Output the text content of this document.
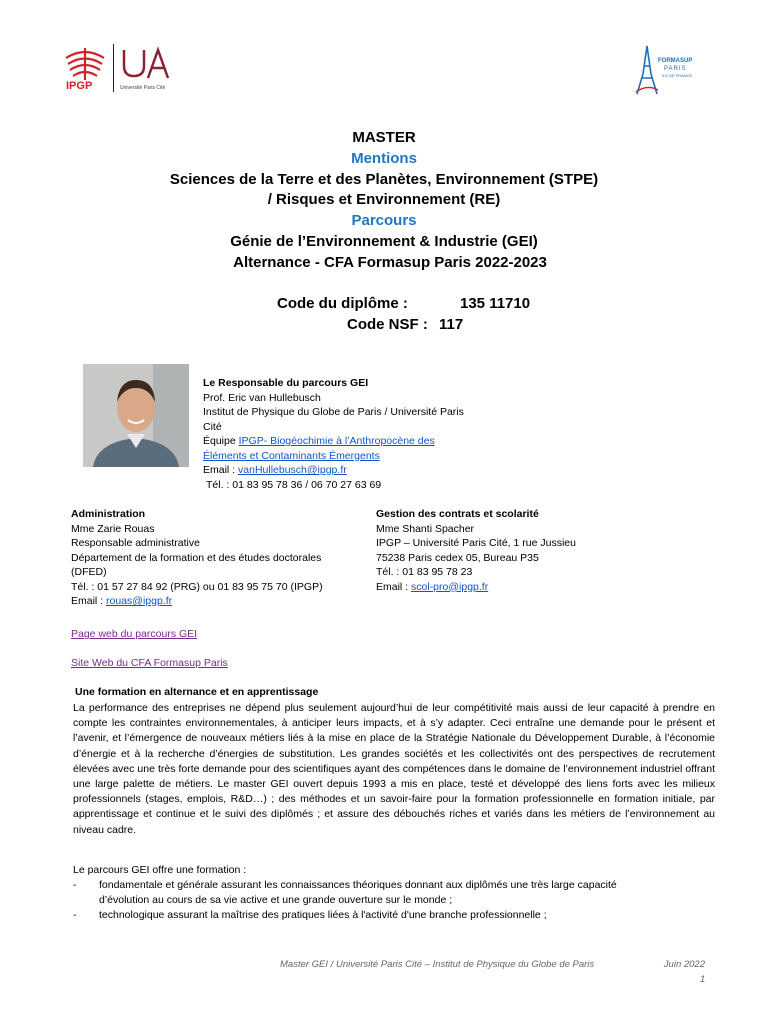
IPGP	Université Paris Cité
FORMASUP
PARIS
ILE DE FRANCE
MASTER
Mentions
Sciences de la Terre et des Planètes, Environnement (STPE)
/ Risques et Environnement (RE)
Parcours
Génie de l’Environnement & Industrie (GEI)
Alternance - CFA Formasup Paris 2022-2023
Code du diplôme :	135 11710
Code NSF : 117
Le Responsable du parcours GEI
Prof. Eric van Hullebusch
Institut de Physique du Globe de Paris / Université Paris
Cité
Équipe IPGP- Biogéochimie à l’Anthropocène des
Éléments et Contaminants Émergents
Email : vanHullebusch@ipgp.fr
Tél. : 01 83 95 78 36 / 06 70 27 63 69
Administration
Mme Zarie Rouas
Responsable administrative
Département de la formation et des études doctorales
(DFED)
Tél. : 01 57 27 84 92 (PRG) ou 01 83 95 75 70 (IPGP)
Email : rouas@ipgp.fr
Gestion des contrats et scolarité
Mme Shanti Spacher
IPGP – Université Paris Cité, 1 rue Jussieu
75238 Paris cedex 05, Bureau P35
Tél. : 01 83 95 78 23
Email : scol-pro@ipgp.fr
Page web du parcours GEI
Site Web du CFA Formasup Paris
Une formation en alternance et en apprentissage
La performance des entreprises ne dépend plus seulement aujourd’hui de leur compétitivité mais aussi de leur capacité à prendre en compte les contraintes environnementales, à anticiper leurs impacts, et à s’y adapter. Ceci entraîne une demande pour le présent et l’avenir, et l’émergence de nouveaux métiers liés à la mise en place de la Stratégie Nationale du Développement Durable, à l’économie d’énergie et à la recherche d’énergies de substitution. Les grandes sociétés et les collectivités ont des perspectives de recrutement élevées avec une très forte demande pour des scientifiques ayant des compétences dans le domaine de l’environnement industriel offrant une large palette de métiers. Le master GEI ouvert depuis 1993 a mis en place, testé et développé des liens forts avec les milieux professionnels (stages, emplois, R&D…) ; des méthodes et un savoir-faire pour la formation professionnelle en formation initiale, par apprentissage et continue et le suivi des diplômés ; et assure des débouchés riches et variés dans les métiers de l’environnement au niveau cadre.
Le parcours GEI offre une formation :
-	fondamentale et générale assurant les connaissances théoriques donnant aux diplômés une très large capacité
d’évolution au cours de sa vie active et une grande ouverture sur le monde ;
-	technologique assurant la maîtrise des pratiques liées à l'activité d'une branche professionnelle ;
Master GEI / Université Paris Cité – Institut de Physique du Globe de Paris	Juin 2022
1
